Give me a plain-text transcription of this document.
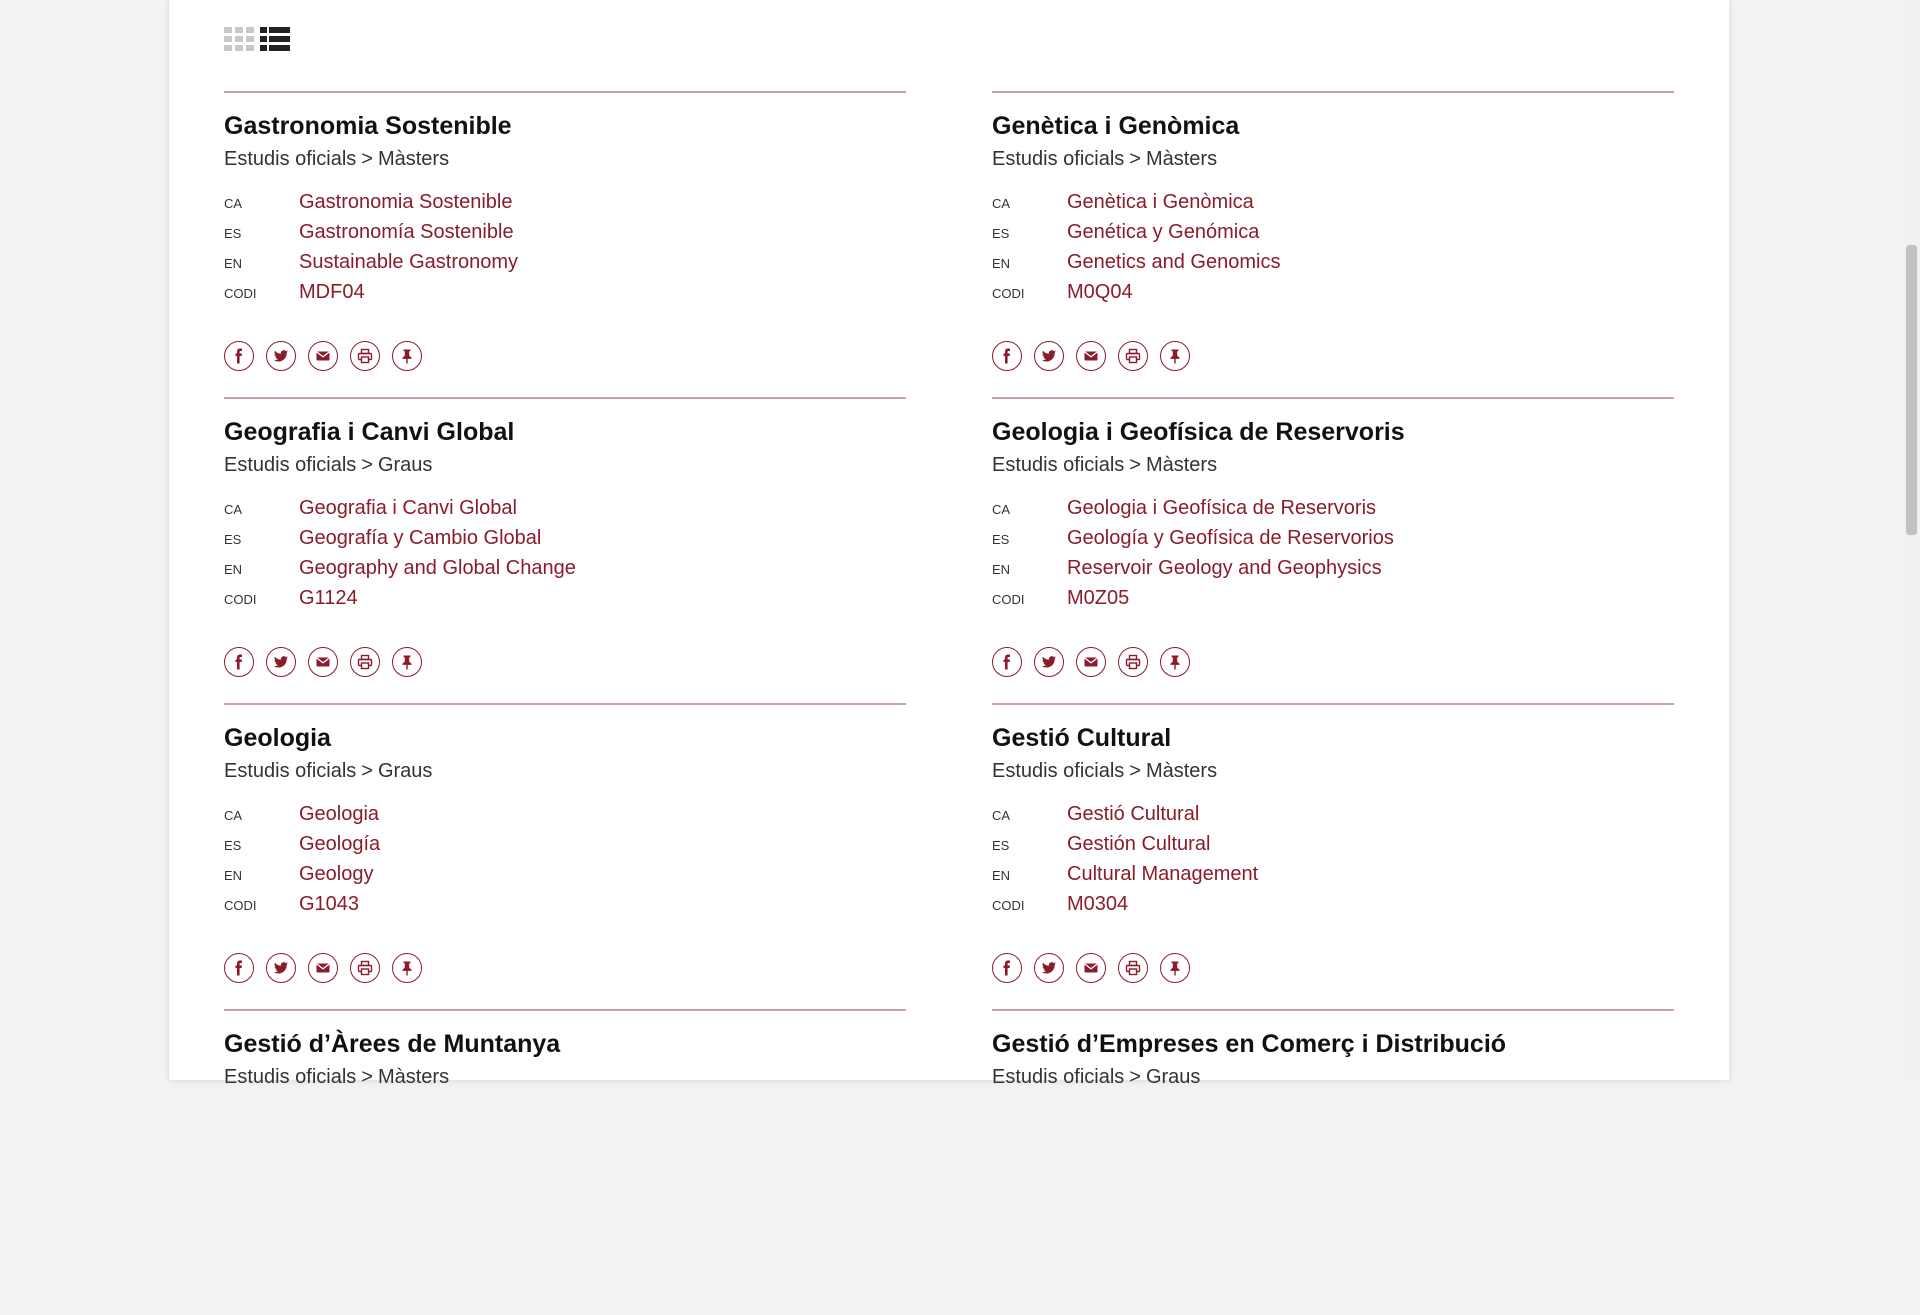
Gastronomia Sostenible
Estudis oficials > Màsters
CA	Gastronomia Sostenible
ES	Gastronomía Sostenible
EN	Sustainable Gastronomy
CODI	MDF04
Genètica i Genòmica
Estudis oficials > Màsters
CA	Genètica i Genòmica
ES	Genética y Genómica
EN	Genetics and Genomics
CODI	M0Q04
Geografia i Canvi Global
Estudis oficials > Graus
CA	Geografia i Canvi Global
ES	Geografía y Cambio Global
EN	Geography and Global Change
CODI	G1124
Geologia i Geofísica de Reservoris
Estudis oficials > Màsters
CA	Geologia i Geofísica de Reservoris
ES	Geología y Geofísica de Reservorios
EN	Reservoir Geology and Geophysics
CODI	M0Z05
Geologia
Estudis oficials > Graus
CA	Geologia
ES	Geología
EN	Geology
CODI	G1043
Gestió Cultural
Estudis oficials > Màsters
CA	Gestió Cultural
ES	Gestión Cultural
EN	Cultural Management
CODI	M0304
Gestió d’Àrees de Muntanya
Estudis oficials > Màsters
Gestió d’Empreses en Comerç i Distribució
Estudis oficials > Graus
